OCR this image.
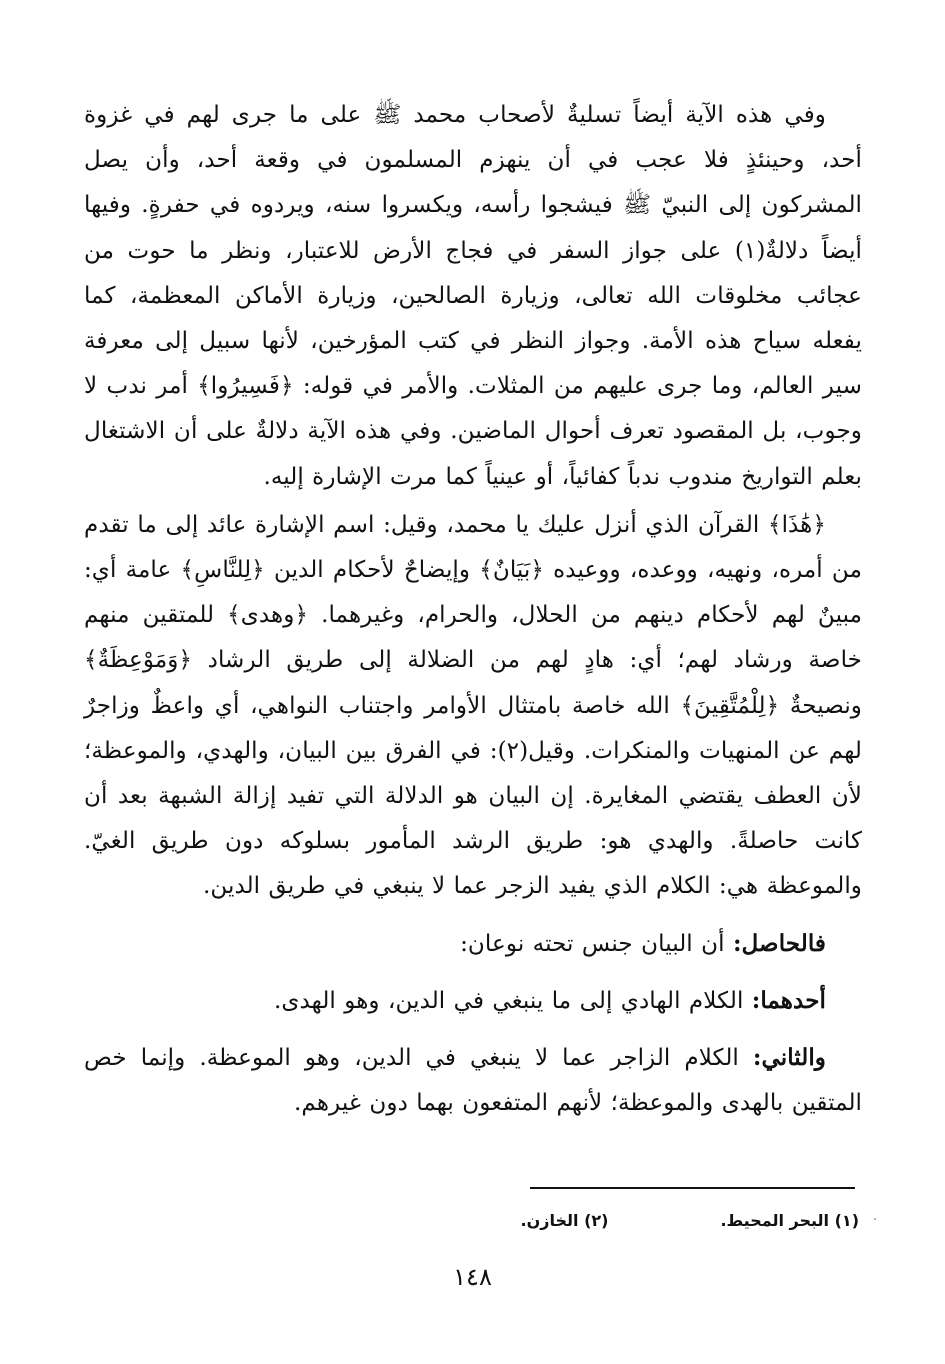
وفي هذه الآية أيضاً تسليةٌ لأصحاب محمد ﷺ على ما جرى لهم في غزوة أحد، وحينئذٍ فلا عجب في أن ينهزم المسلمون في وقعة أحد، وأن يصل المشركون إلى النبيّ ﷺ فيشجوا رأسه، ويكسروا سنه، ويردوه في حفرةٍ. وفيها أيضاً دلالةٌ(١) على جواز السفر في فجاج الأرض للاعتبار، ونظر ما حوت من عجائب مخلوقات الله تعالى، وزيارة الصالحين، وزيارة الأماكن المعظمة، كما يفعله سياح هذه الأمة. وجواز النظر في كتب المؤرخين، لأنها سبيل إلى معرفة سير العالم، وما جرى عليهم من المثلات. والأمر في قوله: ﴿فَسِيرُوا﴾ أمر ندب لا وجوب، بل المقصود تعرف أحوال الماضين. وفي هذه الآية دلالةٌ على أن الاشتغال بعلم التواريخ مندوب ندباً كفائياً، أو عينياً كما مرت الإشارة إليه.

﴿هَٰذَا﴾ القرآن الذي أنزل عليك يا محمد، وقيل: اسم الإشارة عائد إلى ما تقدم من أمره، ونهيه، ووعده، ووعيده ﴿بَيَانٌ﴾ وإيضاحٌ لأحكام الدين ﴿لِلنَّاسِ﴾ عامة أي: مبينٌ لهم لأحكام دينهم من الحلال، والحرام، وغيرهما. ﴿وهدى﴾ للمتقين منهم خاصة ورشاد لهم؛ أي: هادٍ لهم من الضلالة إلى طريق الرشاد ﴿وَمَوْعِظَةٌ﴾ ونصيحةٌ ﴿لِلْمُتَّقِينَ﴾ الله خاصة بامتثال الأوامر واجتناب النواهي، أي واعظٌ وزاجرٌ لهم عن المنهيات والمنكرات. وقيل(٢): في الفرق بين البيان، والهدي، والموعظة؛ لأن العطف يقتضي المغايرة. إن البيان هو الدلالة التي تفيد إزالة الشبهة بعد أن كانت حاصلةً. والهدي هو: طريق الرشد المأمور بسلوكه دون طريق الغيّ. والموعظة هي: الكلام الذي يفيد الزجر عما لا ينبغي في طريق الدين.

فالحاصل: أن البيان جنس تحته نوعان:

أحدهما: الكلام الهادي إلى ما ينبغي في الدين، وهو الهدى.

والثاني: الكلام الزاجر عما لا ينبغي في الدين، وهو الموعظة. وإنما خص المتقين بالهدى والموعظة؛ لأنهم المتفعون بهما دون غيرهم.

(١) البحر المحيط.
(٢) الخازن.
١٤٨
